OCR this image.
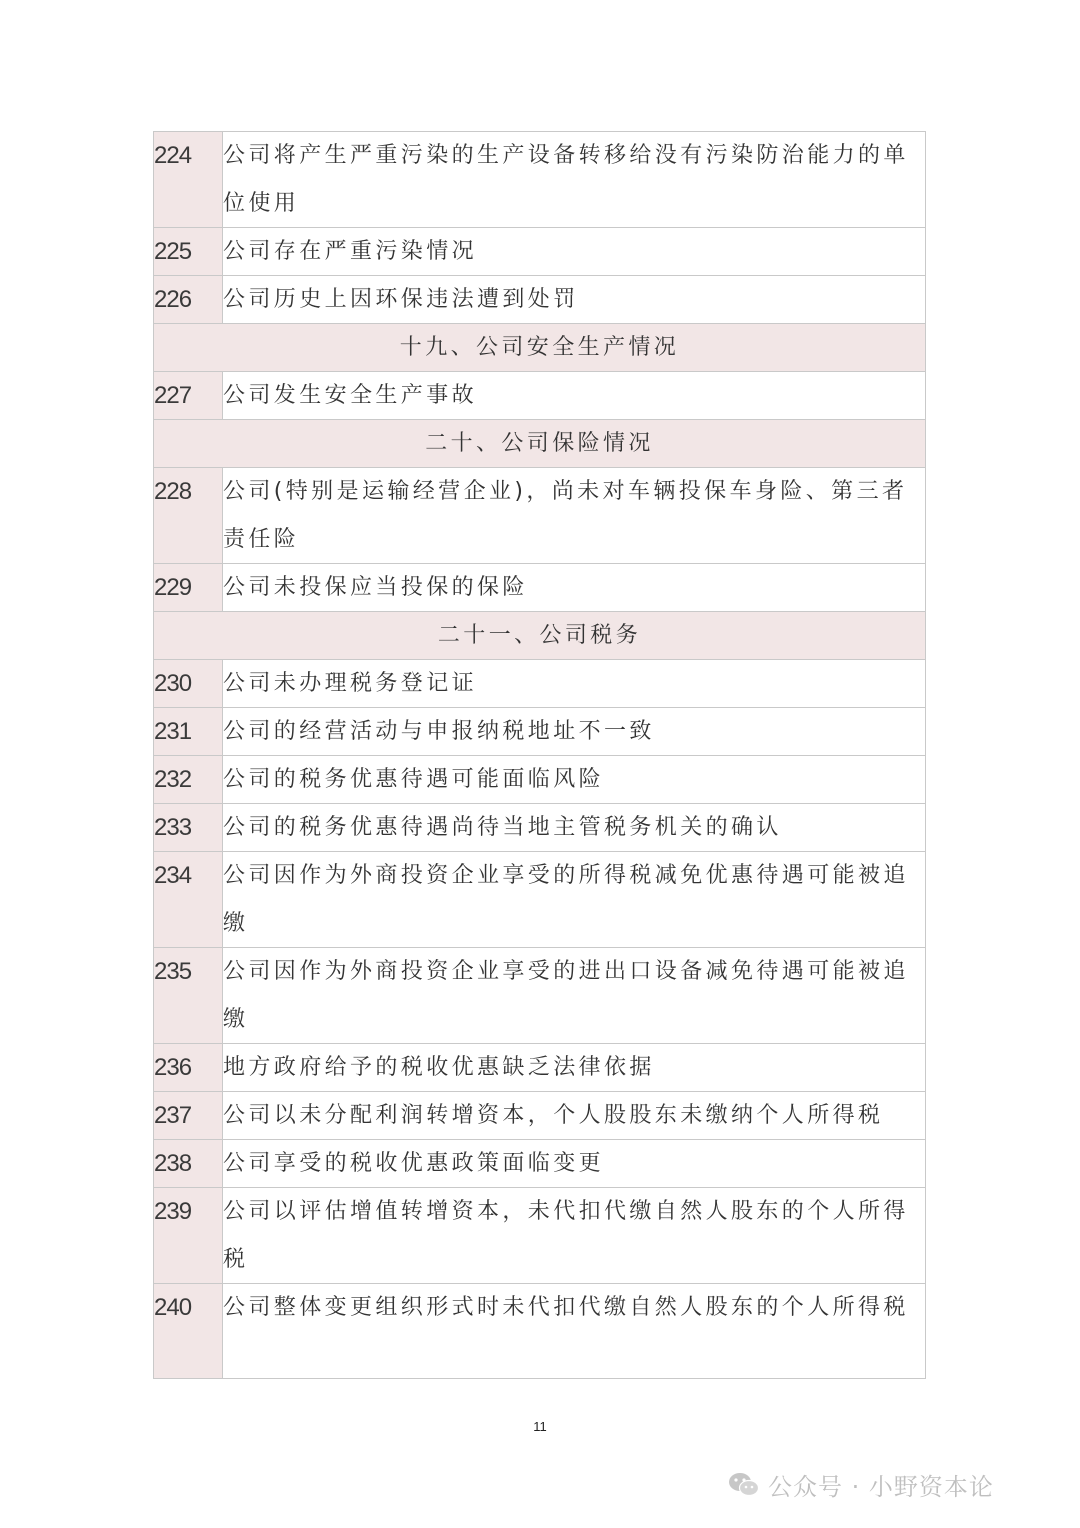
224	公司将产生严重污染的生产设备转移给没有污染防治能力的单位使用
225	公司存在严重污染情况
226	公司历史上因环保违法遭到处罚
十九、公司安全生产情况	
227	公司发生安全生产事故
二十、公司保险情况	
228	公司(特别是运输经营企业)，尚未对车辆投保车身险、第三者责任险
229	公司未投保应当投保的保险
二十一、公司税务	
230	公司未办理税务登记证
231	公司的经营活动与申报纳税地址不一致
232	公司的税务优惠待遇可能面临风险
233	公司的税务优惠待遇尚待当地主管税务机关的确认
234	公司因作为外商投资企业享受的所得税减免优惠待遇可能被追缴
235	公司因作为外商投资企业享受的进出口设备减免待遇可能被追缴
236	地方政府给予的税收优惠缺乏法律依据
237	公司以未分配利润转增资本，个人股股东未缴纳个人所得税
238	公司享受的税收优惠政策面临变更
239	公司以评估增值转增资本，未代扣代缴自然人股东的个人所得税
240	公司整体变更组织形式时未代扣代缴自然人股东的个人所得税
11
公众号 · 小野资本论
